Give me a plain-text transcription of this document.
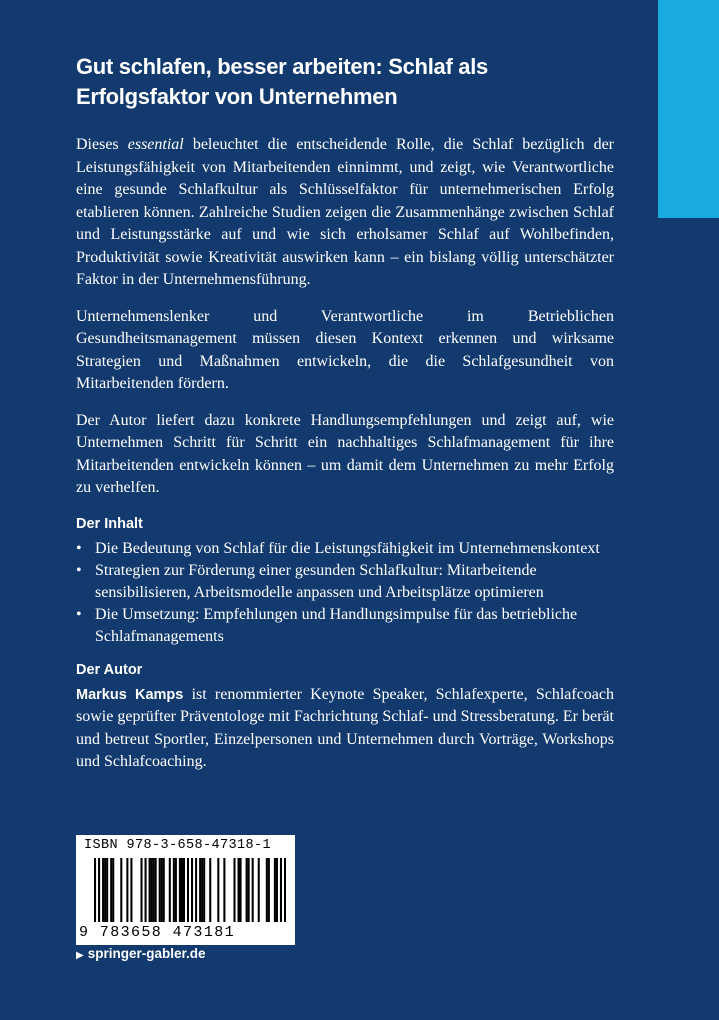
Gut schlafen, besser arbeiten: Schlaf als Erfolgsfaktor von Unternehmen

Dieses essential beleuchtet die entscheidende Rolle, die Schlaf bezüglich der Leistungsfähigkeit von Mitarbeitenden einnimmt, und zeigt, wie Verantwortliche eine gesunde Schlafkultur als Schlüsselfaktor für unternehmerischen Erfolg etablieren können. Zahlreiche Studien zeigen die Zusammenhänge zwischen Schlaf und Leistungsstärke auf und wie sich erholsamer Schlaf auf Wohlbefinden, Produktivität sowie Kreativität auswirken kann – ein bislang völlig unterschätzter Faktor in der Unternehmensführung.

Unternehmenslenker und Verantwortliche im Betrieblichen Gesundheitsmanagement müssen diesen Kontext erkennen und wirksame Strategien und Maßnahmen entwickeln, die die Schlafgesundheit von Mitarbeitenden fördern.

Der Autor liefert dazu konkrete Handlungsempfehlungen und zeigt auf, wie Unternehmen Schritt für Schritt ein nachhaltiges Schlafmanagement für ihre Mitarbeitenden entwickeln können – um damit dem Unternehmen zu mehr Erfolg zu verhelfen.

Der Inhalt
• Die Bedeutung von Schlaf für die Leistungsfähigkeit im Unternehmenskontext
• Strategien zur Förderung einer gesunden Schlafkultur: Mitarbeitende sensibilisieren, Arbeitsmodelle anpassen und Arbeitsplätze optimieren
• Die Umsetzung: Empfehlungen und Handlungsimpulse für das betriebliche Schlafmanagements
Der Autor

Markus Kamps ist renommierter Keynote Speaker, Schlafexperte, Schlafcoach sowie geprüfter Präventologe mit Fachrichtung Schlaf- und Stressberatung. Er berät und betreut Sportler, Einzelpersonen und Unternehmen durch Vorträge, Workshops und Schlafcoaching.

ISBN 978-3-658-47318-1
9 783658 473181
▶ springer-gabler.de
